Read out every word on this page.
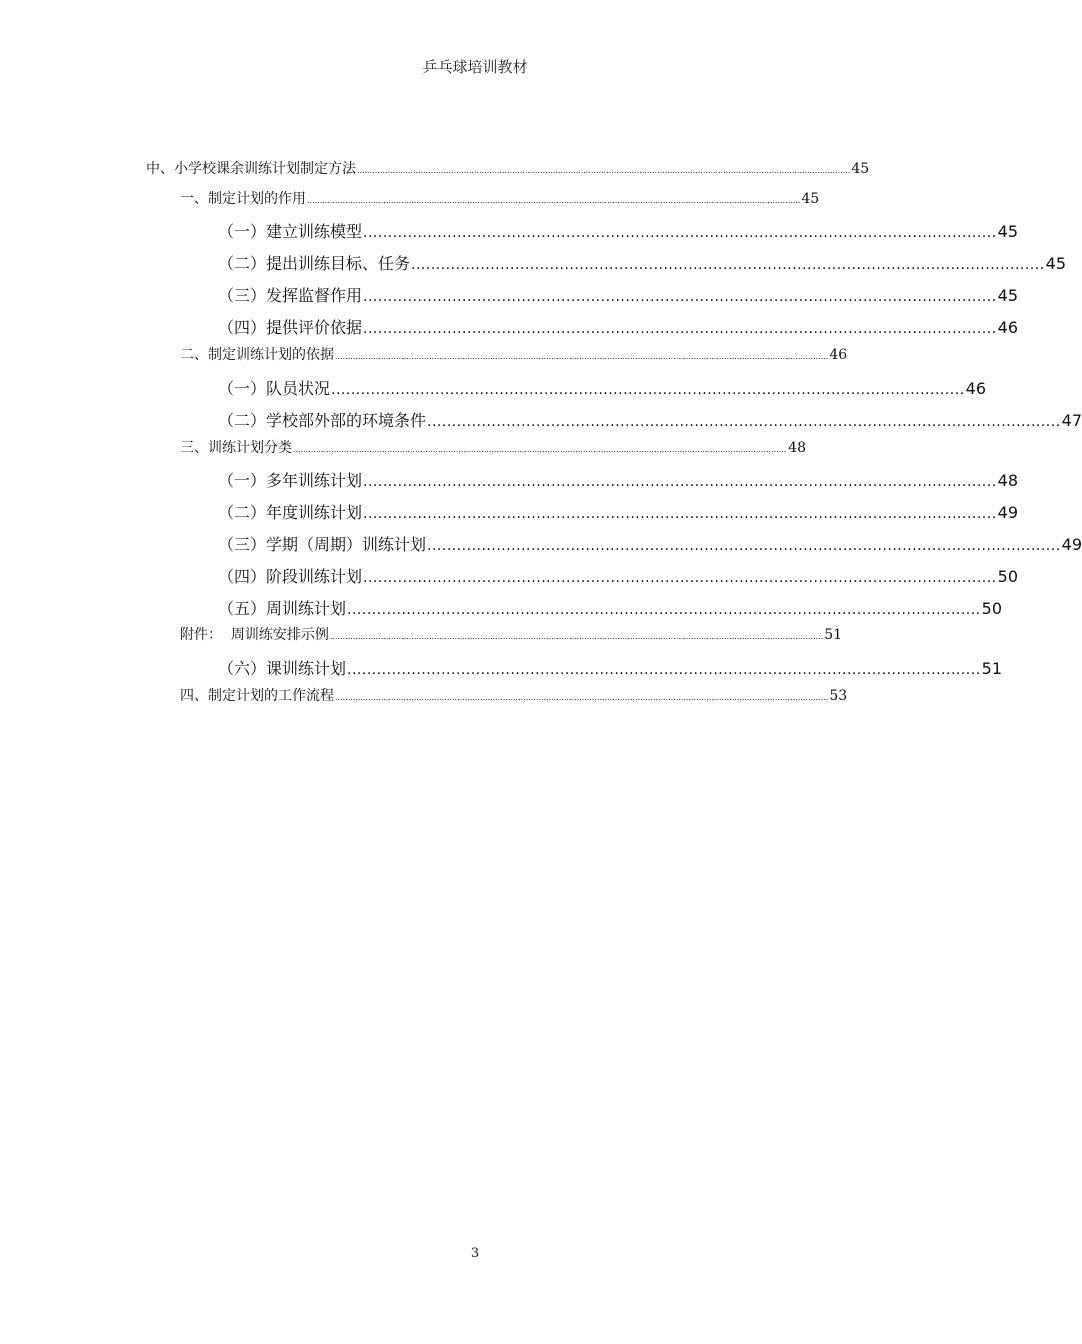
乒乓球培训教材
中、小学校课余训练计划制定方法 .................................................................................................................................................................................................. 45
一、制定计划的作用 .................................................................................................................................................................................................. 45
（一）建立训练模型 ................................................................................................................................ 45
（二）提出训练目标、任务 ................................................................................................................................ 45
（三）发挥监督作用 ................................................................................................................................ 45
（四）提供评价依据 ................................................................................................................................ 46
二、制定训练计划的依据 .................................................................................................................................................................................................. 46
（一）队员状况 ................................................................................................................................ 46
（二）学校部外部的环境条件 ................................................................................................................................ 47
三、训练计划分类 .................................................................................................................................................................................................. 48
（一）多年训练计划 ................................................................................................................................ 48
（二）年度训练计划 ................................................................................................................................ 49
（三）学期（周期）训练计划 ................................................................................................................................ 49
（四）阶段训练计划 ................................................................................................................................ 50
（五）周训练计划 ................................................................................................................................ 50
附件：  周训练安排示例 .................................................................................................................................................................................................. 51
（六）课训练计划 ................................................................................................................................ 51
四、制定计划的工作流程 .................................................................................................................................................................................................. 53
3
